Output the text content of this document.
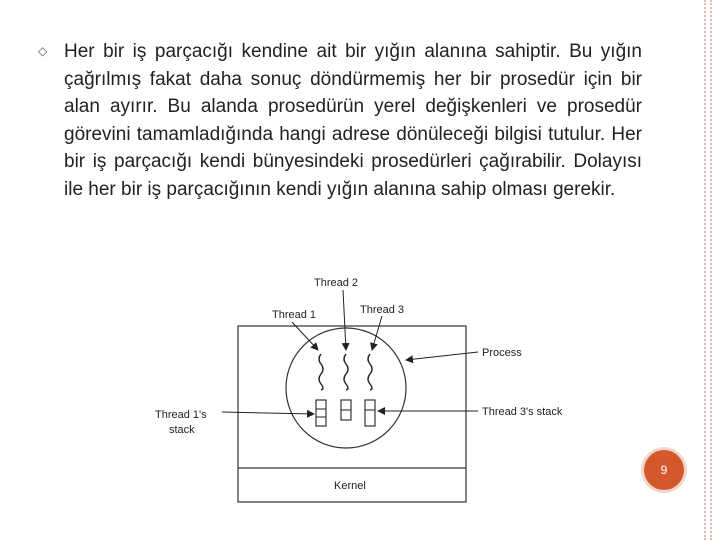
◇ Her bir iş parçacığı kendine ait bir yığın alanına sahiptir. Bu yığın çağrılmış fakat daha sonuç döndürmemiş her bir prosedür için bir alan ayırır. Bu alanda prosedürün yerel değişkenleri ve prosedür görevini tamamladığında hangi adrese dönüleceği bilgisi tutulur. Her bir iş parçacığı kendi bünyesindeki prosedürleri çağırabilir. Dolayısı ile her bir iş parçacığının kendi yığın alanına sahip olması gerekir.

Thread 2
Thread 1	Thread 3
Process
Thread 1's
stack
Thread 3's stack
Kernel
9
